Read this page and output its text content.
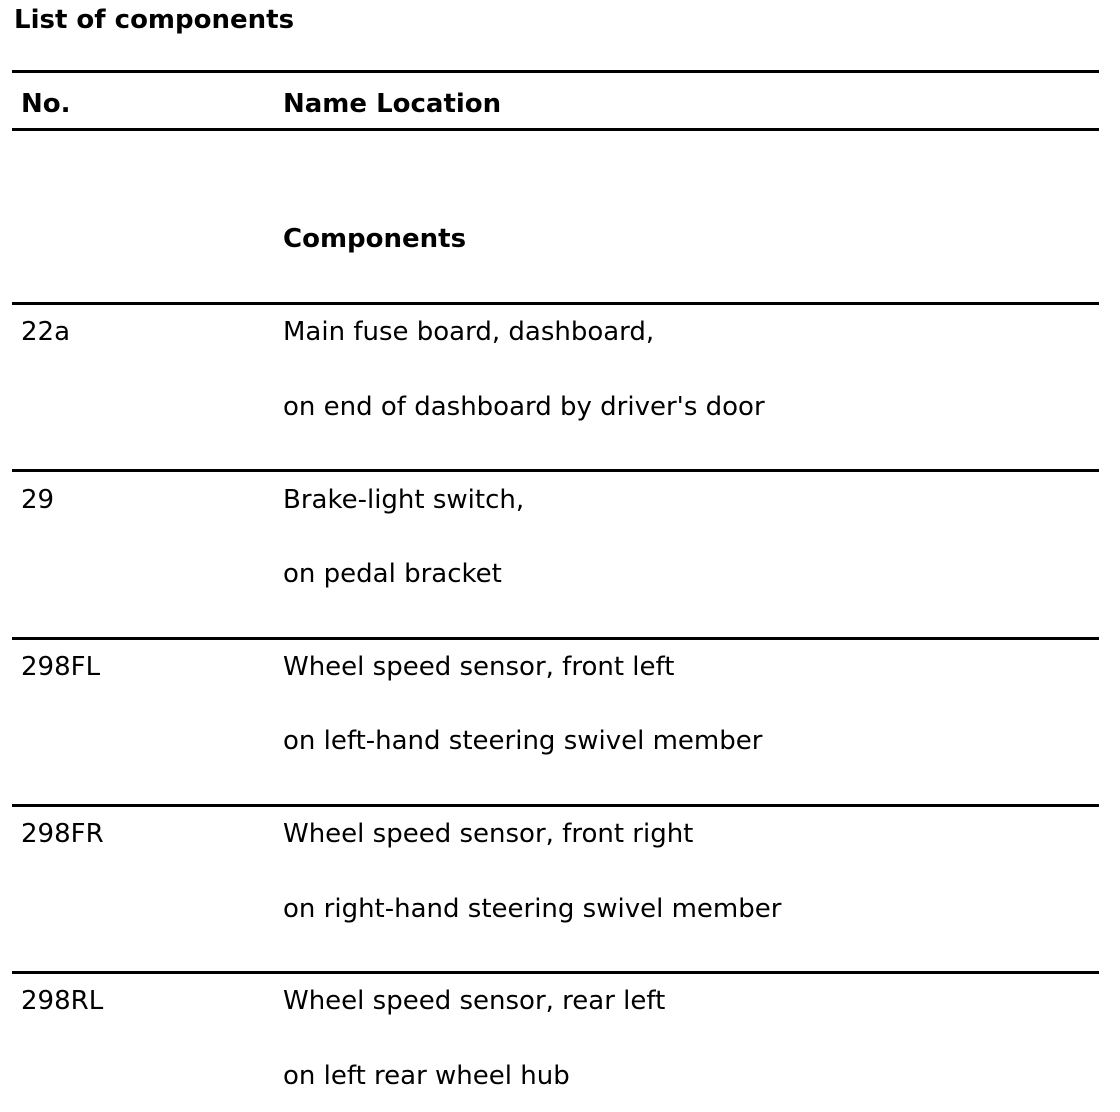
List of components
No.	Name Location
Components
22a	Main fuse board, dashboard,
on end of dashboard by driver's door
29	Brake-light switch,
on pedal bracket
298FL	Wheel speed sensor, front left
on left-hand steering swivel member
298FR	Wheel speed sensor, front right
on right-hand steering swivel member
298RL	Wheel speed sensor, rear left
on left rear wheel hub
